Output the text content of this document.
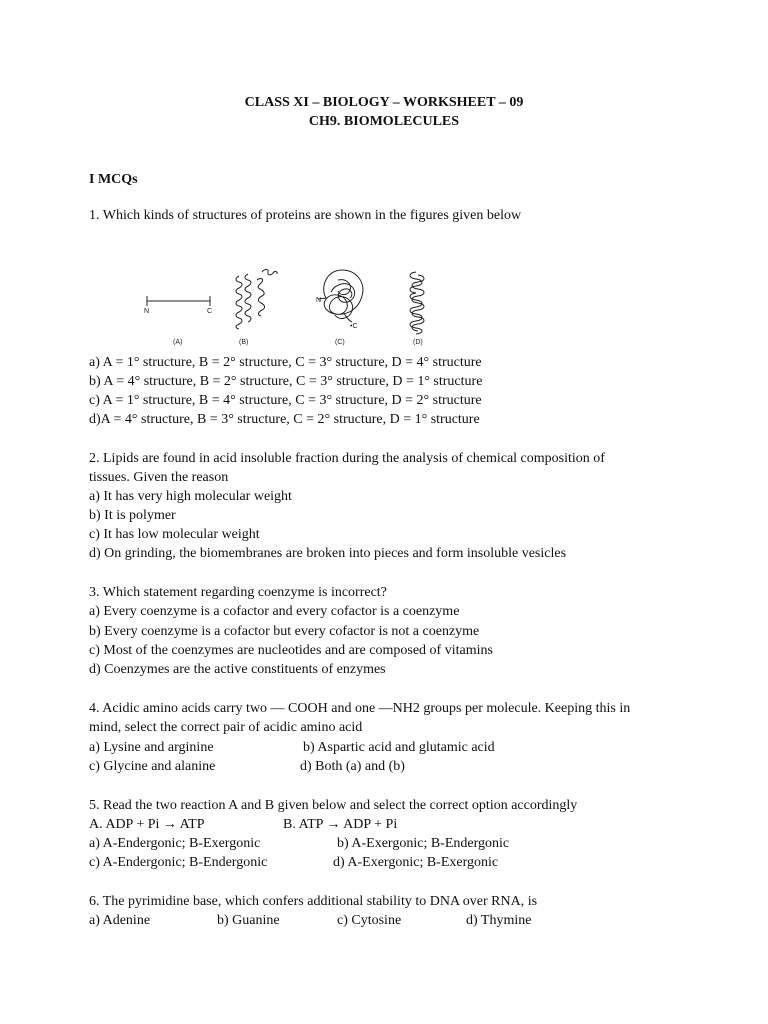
CLASS XI – BIOLOGY – WORKSHEET – 09
CH9. BIOMOLECULES
I MCQs
1. Which kinds of structures of proteins are shown in the figures given below
N	C
N
•C
(A)	(B)	(C)	(D)
a) A = 1° structure, B = 2° structure, C = 3° structure, D = 4° structure
b) A = 4° structure, B = 2° structure, C = 3° structure, D = 1° structure
c) A = 1° structure, B = 4° structure, C = 3° structure, D = 2° structure
d)A = 4° structure, B = 3° structure, C = 2° structure, D = 1° structure
2. Lipids are found in acid insoluble fraction during the analysis of chemical composition of
tissues. Given the reason
a) It has very high molecular weight
b) It is polymer
c) It has low molecular weight
d) On grinding, the biomembranes are broken into pieces and form insoluble vesicles
3. Which statement regarding coenzyme is incorrect?
a) Every coenzyme is a cofactor and every cofactor is a coenzyme
b) Every coenzyme is a cofactor but every cofactor is not a coenzyme
c) Most of the coenzymes are nucleotides and are composed of vitamins
d) Coenzymes are the active constituents of enzymes
4. Acidic amino acids carry two — COOH and one —NH2 groups per molecule. Keeping this in
mind, select the correct pair of acidic amino acid
a) Lysine and arginine	b) Aspartic acid and glutamic acid
c) Glycine and alanine	d) Both (a) and (b)
5. Read the two reaction A and B given below and select the correct option accordingly
A. ADP + Pi → ATP	B. ATP → ADP + Pi
a) A-Endergonic; B-Exergonic	b) A-Exergonic; B-Endergonic
c) A-Endergonic; B-Endergonic	d) A-Exergonic; B-Exergonic
6. The pyrimidine base, which confers additional stability to DNA over RNA, is
a) Adenine	b) Guanine	c) Cytosine	d) Thymine
